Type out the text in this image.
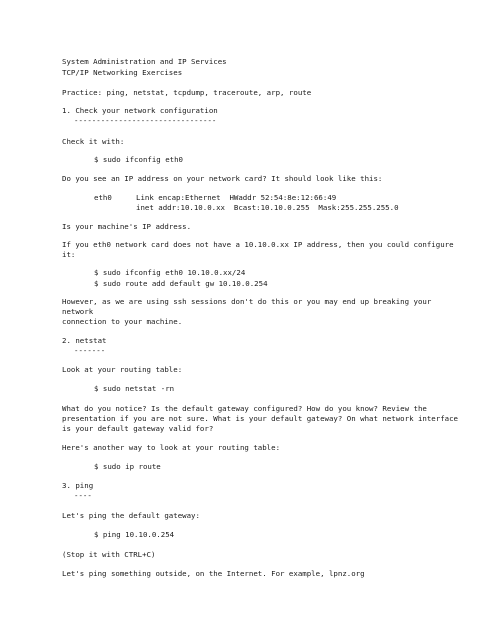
System Administration and IP Services
TCP/IP Networking Exercises
Practice: ping, netstat, tcpdump, traceroute, arp, route
1. Check your network configuration
--------------------------------
Check it with:
$ sudo ifconfig eth0
Do you see an IP address on your network card? It should look like this:
eth0	Link encap:Ethernet  HWaddr 52:54:8e:12:66:49
inet addr:10.10.0.xx  Bcast:10.10.0.255  Mask:255.255.255.0
Is your machine's IP address.
If you eth0 network card does not have a 10.10.0.xx IP address, then you could configure
it:
$ sudo ifconfig eth0 10.10.0.xx/24
$ sudo route add default gw 10.10.0.254
However, as we are using ssh sessions don't do this or you may end up breaking your
network
connection to your machine.
2. netstat
-------
Look at your routing table:
$ sudo netstat -rn
What do you notice? Is the default gateway configured? How do you know? Review the
presentation if you are not sure. What is your default gateway? On what network interface
is your default gateway valid for?
Here's another way to look at your routing table:
$ sudo ip route
3. ping
----
Let's ping the default gateway:
$ ping 10.10.0.254
(Stop it with CTRL+C)
Let's ping something outside, on the Internet. For example, lpnz.org
